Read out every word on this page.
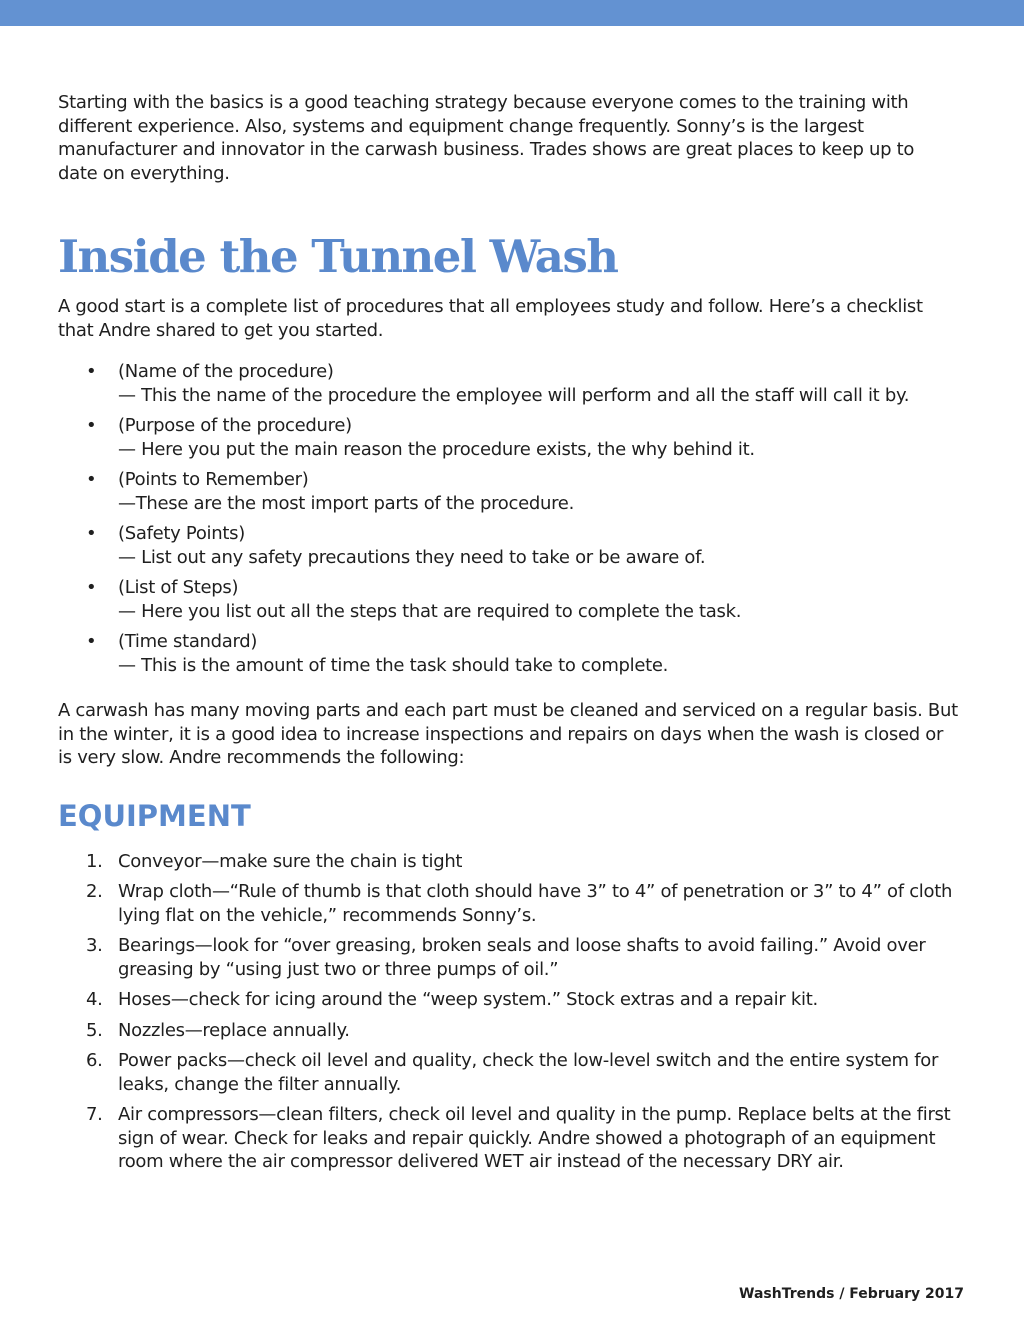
Starting with the basics is a good teaching strategy because everyone comes to the training with different experience. Also, systems and equipment change frequently. Sonny’s is the largest manufacturer and innovator in the carwash business. Trades shows are great places to keep up to date on everything.

Inside the Tunnel Wash

A good start is a complete list of procedures that all employees study and follow. Here’s a checklist that Andre shared to get you started.

• (Name of the procedure)
— This the name of the procedure the employee will perform and all the staff will call it by.
• (Purpose of the procedure)
— Here you put the main reason the procedure exists, the why behind it.
• (Points to Remember)
—These are the most import parts of the procedure.
• (Safety Points)
— List out any safety precautions they need to take or be aware of.
• (List of Steps)
— Here you list out all the steps that are required to complete the task.
• (Time standard)
— This is the amount of time the task should take to complete.

A carwash has many moving parts and each part must be cleaned and serviced on a regular basis. But in the winter, it is a good idea to increase inspections and repairs on days when the wash is closed or is very slow. Andre recommends the following:

EQUIPMENT
1. Conveyor—make sure the chain is tight
2. Wrap cloth—“Rule of thumb is that cloth should have 3” to 4” of penetration or 3” to 4” of cloth lying flat on the vehicle,” recommends Sonny’s.
3. Bearings—look for “over greasing, broken seals and loose shafts to avoid failing.” Avoid over greasing by “using just two or three pumps of oil.”
4. Hoses—check for icing around the “weep system.” Stock extras and a repair kit.
5. Nozzles—replace annually.
6. Power packs—check oil level and quality, check the low-level switch and the entire system for leaks, change the filter annually.
7. Air compressors—clean filters, check oil level and quality in the pump. Replace belts at the first sign of wear. Check for leaks and repair quickly. Andre showed a photograph of an equipment room where the air compressor delivered WET air instead of the necessary DRY air.
WashTrends / February 2017
